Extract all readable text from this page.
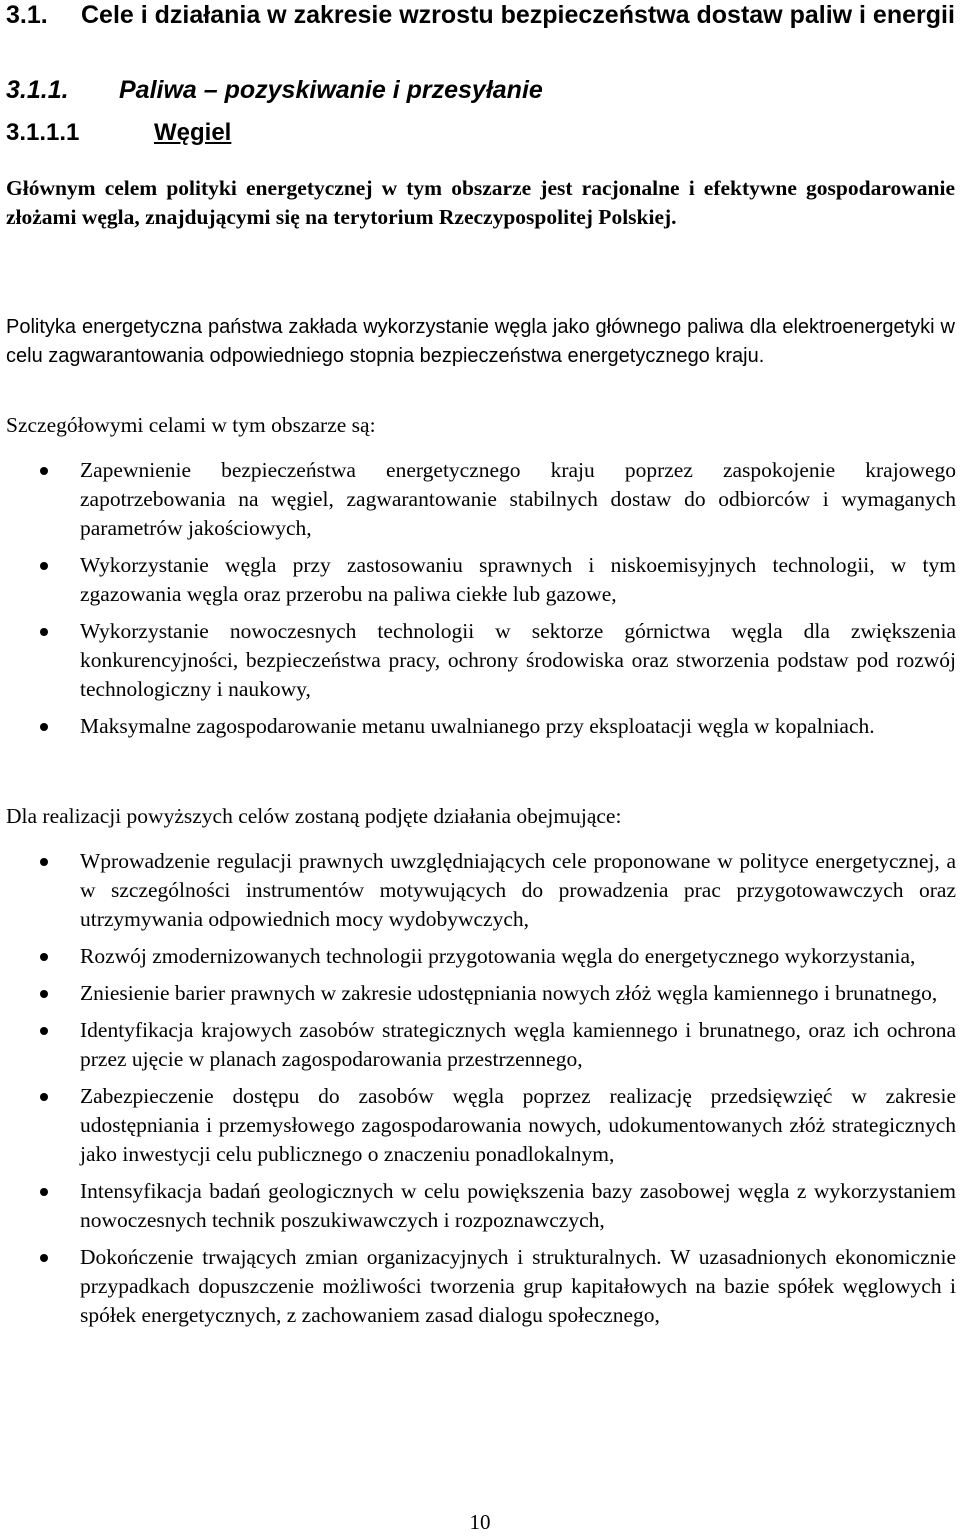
3.1.	Cele i działania w zakresie wzrostu bezpieczeństwa dostaw paliw i energii
3.1.1. Paliwa – pozyskiwanie i przesyłanie
3.1.1.1	Węgiel

Głównym celem polityki energetycznej w tym obszarze jest racjonalne i efektywne gospodarowanie złożami węgla, znajdującymi się na terytorium Rzeczypospolitej Polskiej.

Polityka energetyczna państwa zakłada wykorzystanie węgla jako głównego paliwa dla elektroenergetyki w celu zagwarantowania odpowiedniego stopnia bezpieczeństwa energetycznego kraju.

Szczegółowymi celami w tym obszarze są:

Zapewnienie bezpieczeństwa energetycznego kraju poprzez zaspokojenie krajowego zapotrzebowania na węgiel, zagwarantowanie stabilnych dostaw do odbiorców i wymaganych parametrów jakościowych,
Wykorzystanie węgla przy zastosowaniu sprawnych i niskoemisyjnych technologii, w tym zgazowania węgla oraz przerobu na paliwa ciekłe lub gazowe,
Wykorzystanie nowoczesnych technologii w sektorze górnictwa węgla dla zwiększenia konkurencyjności, bezpieczeństwa pracy, ochrony środowiska oraz stworzenia podstaw pod rozwój technologiczny i naukowy,
Maksymalne zagospodarowanie metanu uwalnianego przy eksploatacji węgla w kopalniach.

Dla realizacji powyższych celów zostaną podjęte działania obejmujące:

Wprowadzenie regulacji prawnych uwzględniających cele proponowane w polityce energetycznej, a w szczególności instrumentów motywujących do prowadzenia prac przygotowawczych oraz utrzymywania odpowiednich mocy wydobywczych,
Rozwój zmodernizowanych technologii przygotowania węgla do energetycznego wykorzystania,
Zniesienie barier prawnych w zakresie udostępniania nowych złóż węgla kamiennego i brunatnego,
Identyfikacja krajowych zasobów strategicznych węgla kamiennego i brunatnego, oraz ich ochrona przez ujęcie w planach zagospodarowania przestrzennego,
Zabezpieczenie dostępu do zasobów węgla poprzez realizację przedsięwzięć w zakresie udostępniania i przemysłowego zagospodarowania nowych, udokumentowanych złóż strategicznych jako inwestycji celu publicznego o znaczeniu ponadlokalnym,
Intensyfikacja badań geologicznych w celu powiększenia bazy zasobowej węgla z wykorzystaniem nowoczesnych technik poszukiwawczych i rozpoznawczych,
Dokończenie trwających zmian organizacyjnych i strukturalnych. W uzasadnionych ekonomicznie przypadkach dopuszczenie możliwości tworzenia grup kapitałowych na bazie spółek węglowych i spółek energetycznych, z zachowaniem zasad dialogu społecznego,
10
